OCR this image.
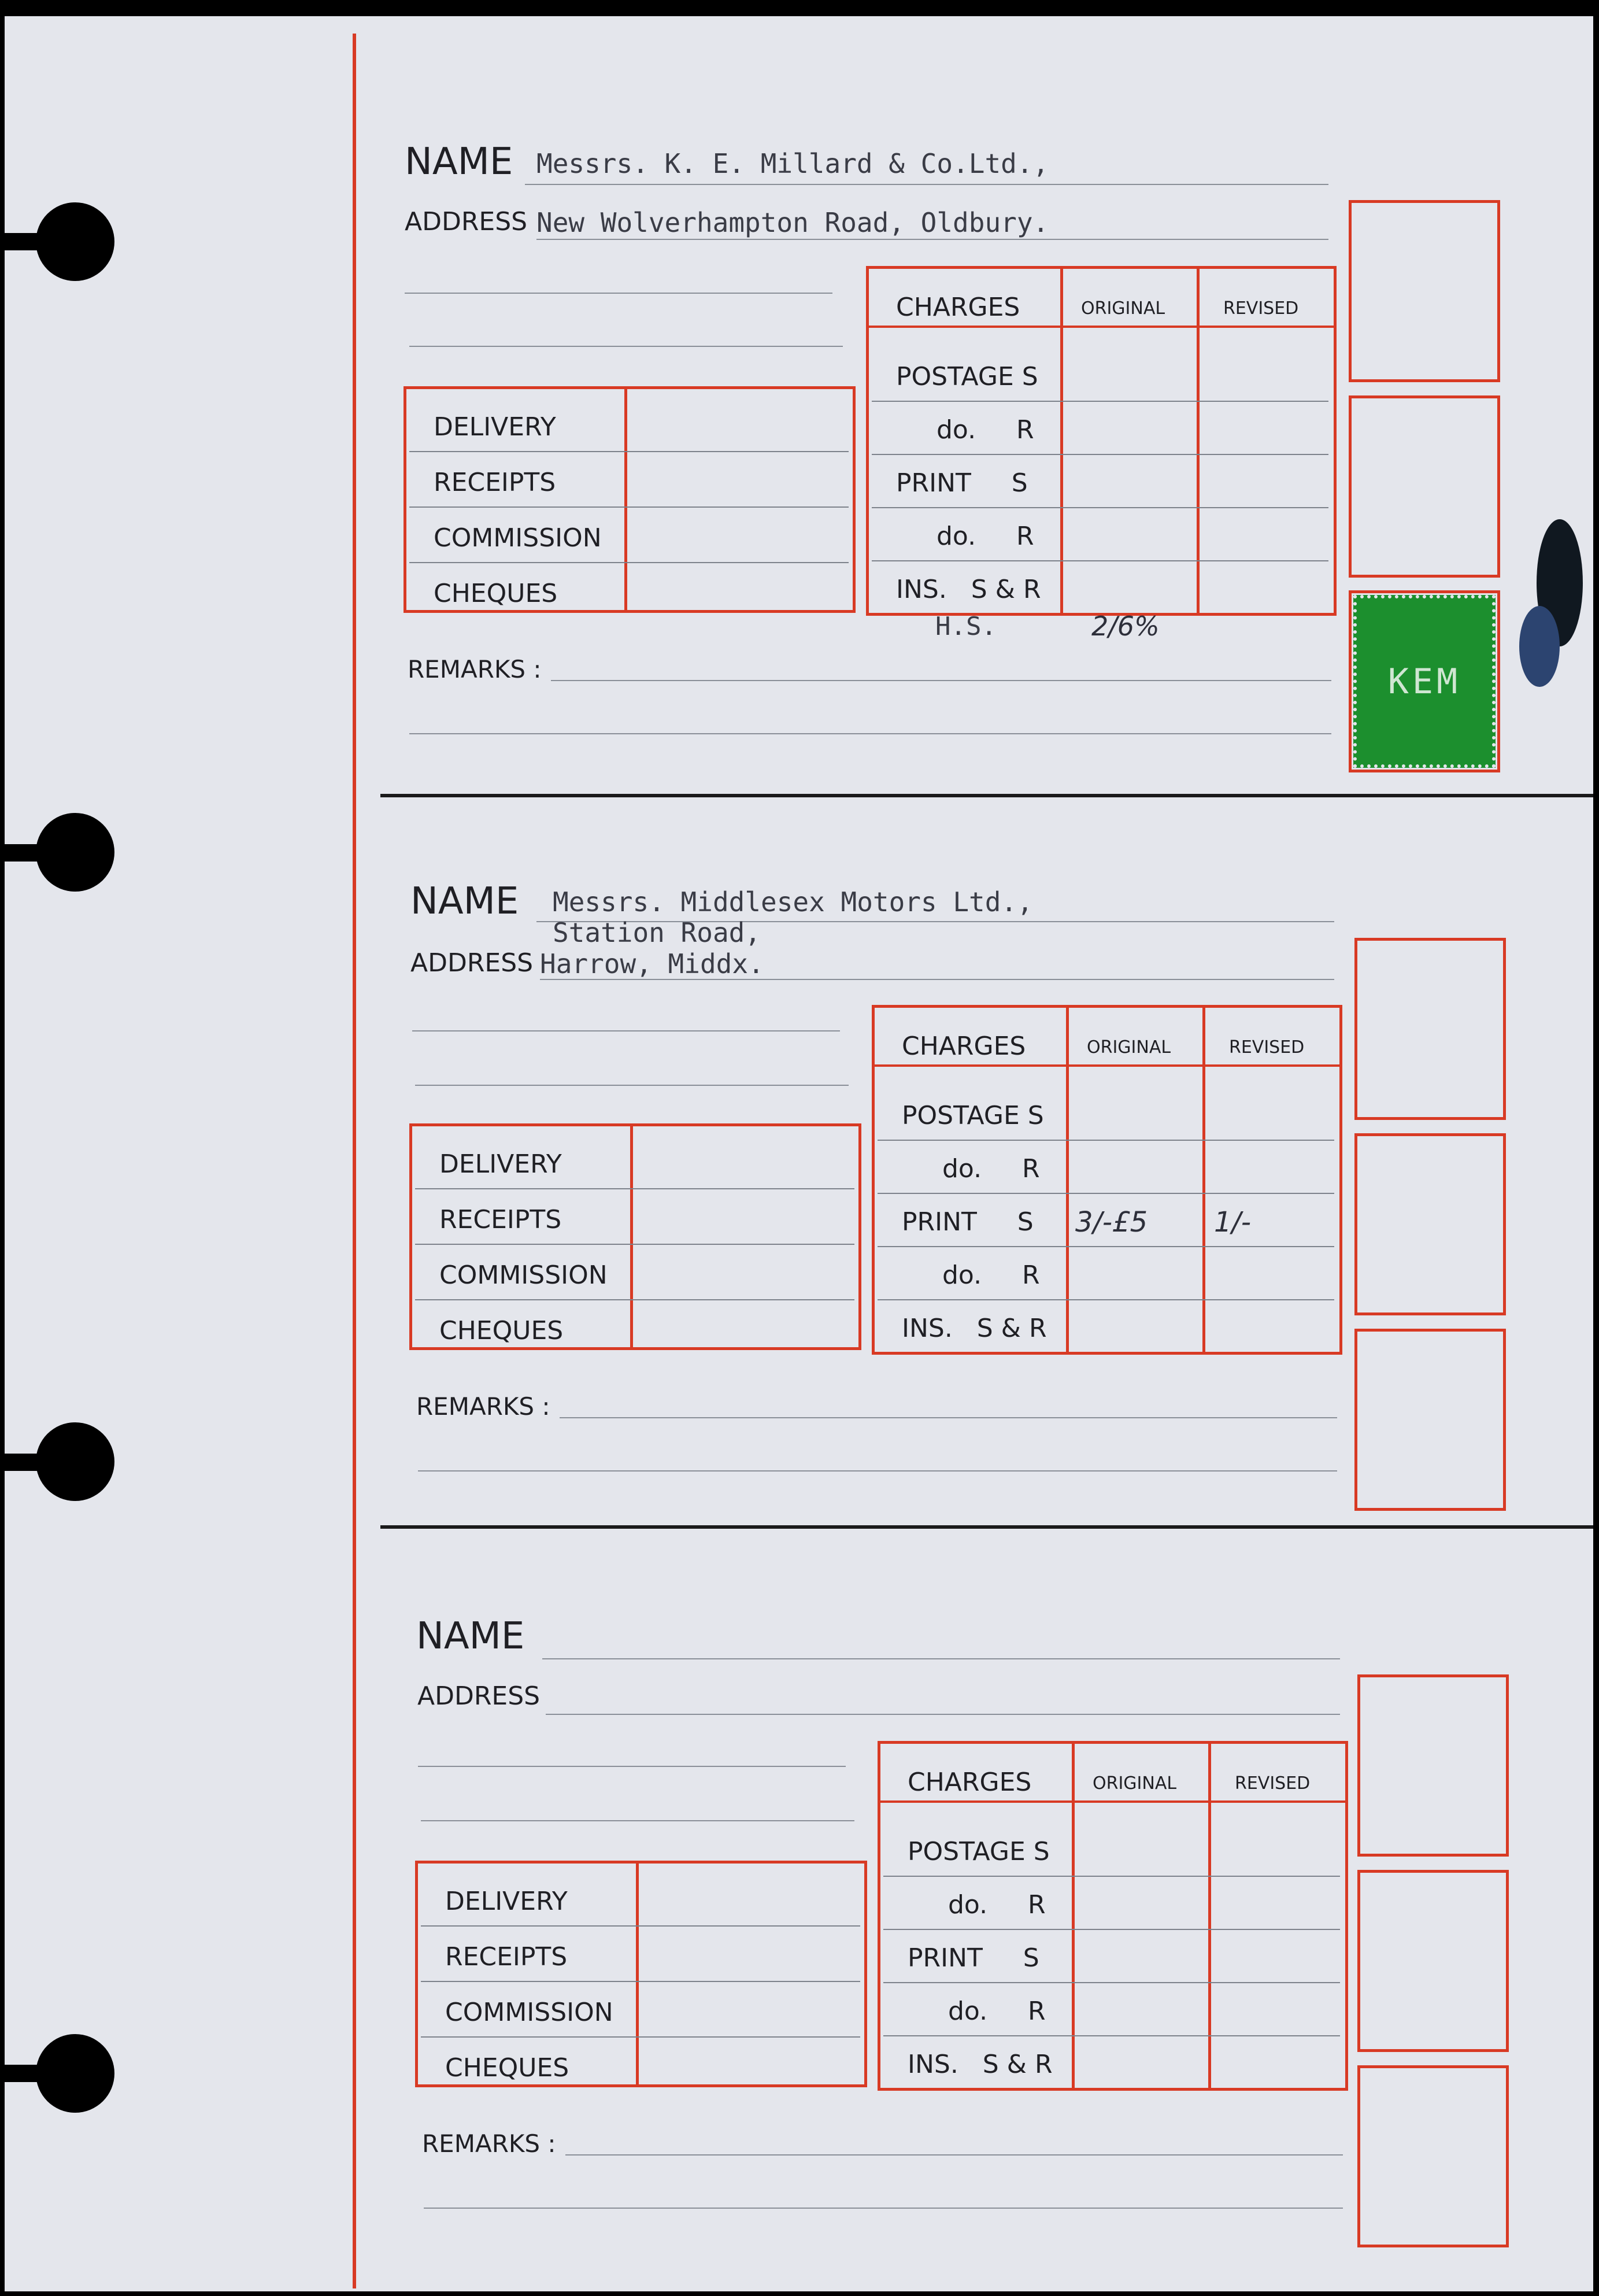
NAME Messrs. K. E. Millard & Co.Ltd.,
ADDRESS New Wolverhampton Road, Oldbury.
DELIVERY
RECEIPTS
COMMISSION
CHEQUES
CHARGES	ORIGINAL	REVISED
POSTAGE S
do.     R
PRINT     S
do.     R
INS.   S & R
H.S.	2/6%
REMARKS :	KEM
NAME Messrs. Middlesex Motors Ltd.,
Station Road,
ADDRESS Harrow, Middx.
DELIVERY
RECEIPTS
COMMISSION
CHEQUES
CHARGES	ORIGINAL	REVISED
POSTAGE S
do.     R
PRINT     S 3/-£5 1/-
do.     R
INS.   S & R
REMARKS :
NAME
ADDRESS
DELIVERY
RECEIPTS
COMMISSION
CHEQUES
CHARGES	ORIGINAL	REVISED
POSTAGE S
do.     R
PRINT     S
do.     R
INS.   S & R
REMARKS :
